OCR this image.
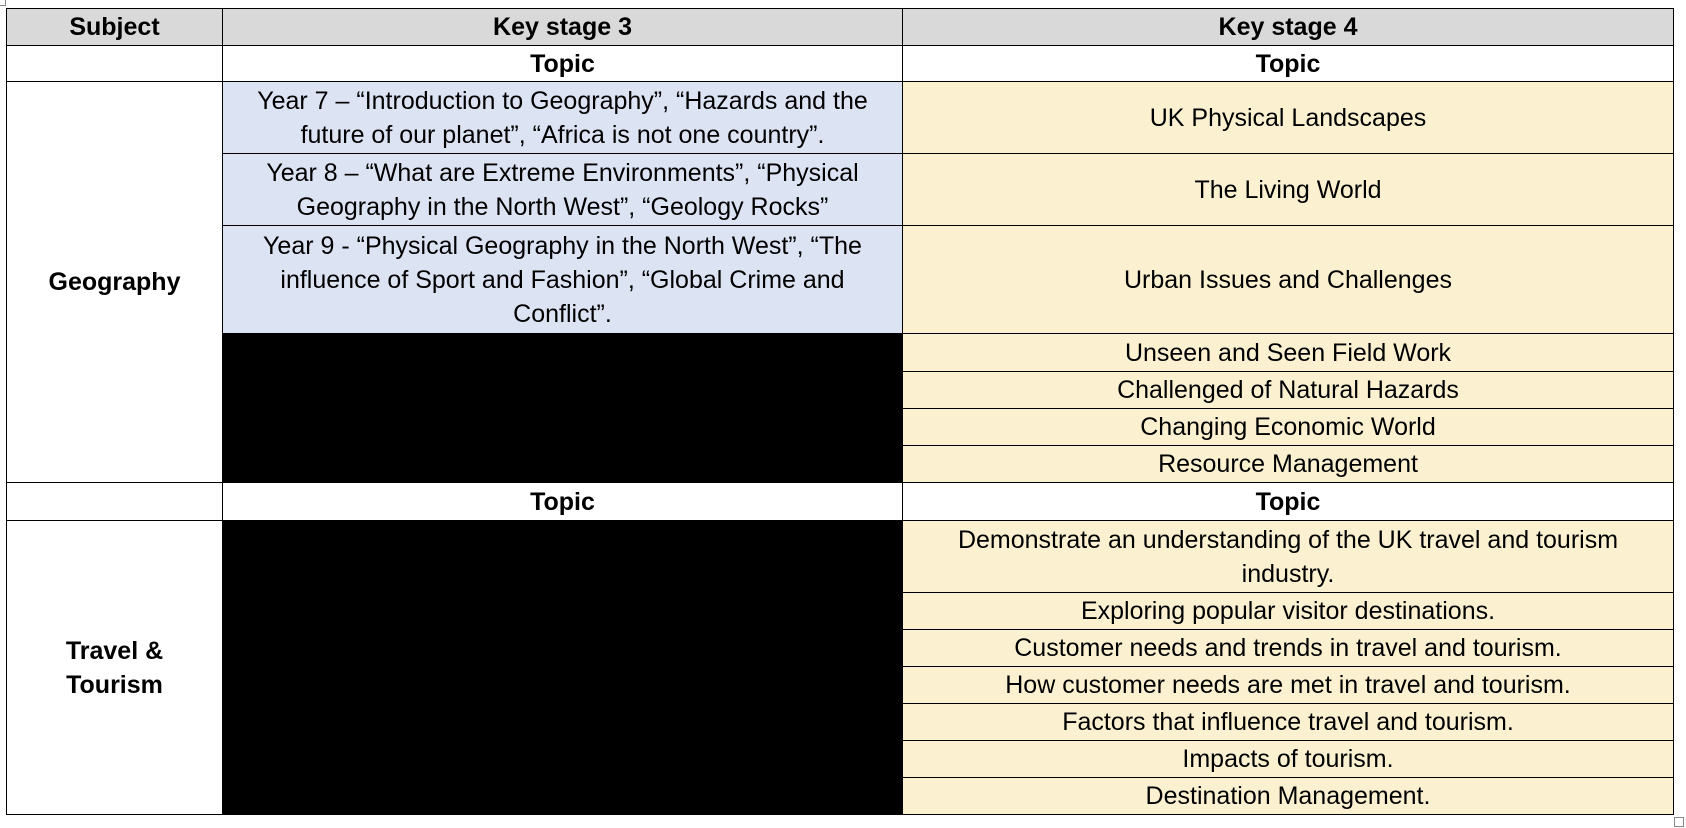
Subject	Key stage 3	Key stage 4
	Topic	Topic
Geography	Year 7 – “Introduction to Geography”, “Hazards and the future of our planet”, “Africa is not one country”.	UK Physical Landscapes
	Year 8 – “What are Extreme Environments”, “Physical Geography in the North West”, “Geology Rocks”	The Living World
	Year 9 - “Physical Geography in the North West”, “The influence of Sport and Fashion”, “Global Crime and Conflict”.	Urban Issues and Challenges
		Unseen and Seen Field Work
		Challenged of Natural Hazards
		Changing Economic World
		Resource Management
	Topic	Topic
Travel & Tourism		Demonstrate an understanding of the UK travel and tourism industry.
		Exploring popular visitor destinations.
		Customer needs and trends in travel and tourism.
		How customer needs are met in travel and tourism.
		Factors that influence travel and tourism.
		Impacts of tourism.
		Destination Management.
